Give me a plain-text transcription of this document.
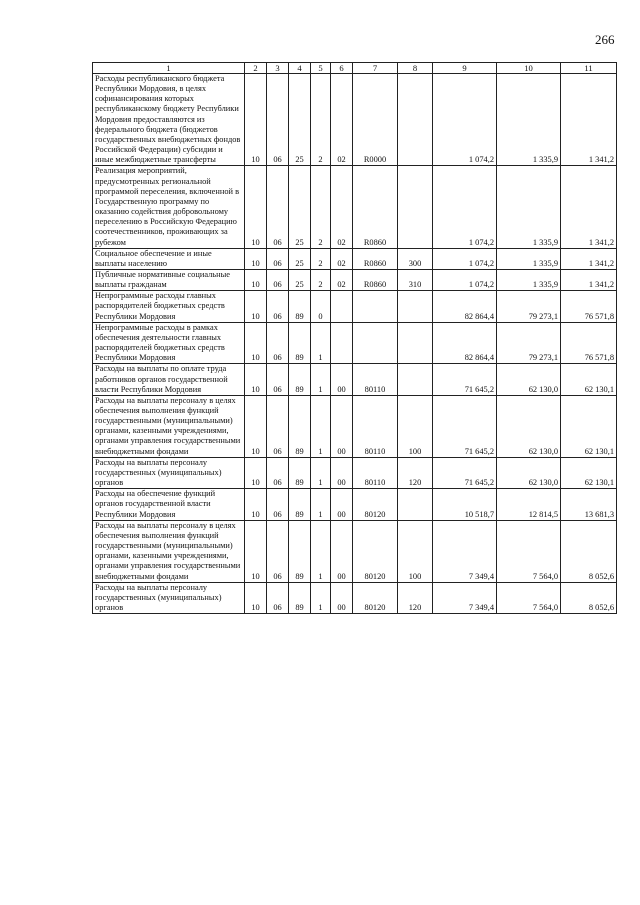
266
1	2	3	4	5	6	7	8	9	10	11
Расходы республиканского бюджета Республики Мордовия, в целях софинансирования которых республиканскому бюджету Республики Мордовия предоставляются из федерального бюджета (бюджетов государственных внебюджетных фондов Российской Федерации) субсидии и иные межбюджетные трансферты	10	06	25	2	02	R0000		1 074,2	1 335,9	1 341,2
Реализация мероприятий, предусмотренных региональной программой переселения, включенной в Государственную программу по оказанию содействия добровольному переселению в Российскую Федерацию соотечественников, проживающих за рубежом	10	06	25	2	02	R0860		1 074,2	1 335,9	1 341,2
Социальное обеспечение и иные выплаты населению	10	06	25	2	02	R0860	300	1 074,2	1 335,9	1 341,2
Публичные нормативные социальные выплаты гражданам	10	06	25	2	02	R0860	310	1 074,2	1 335,9	1 341,2
Непрограммные расходы главных распорядителей бюджетных средств Республики Мордовия	10	06	89	0				82 864,4	79 273,1	76 571,8
Непрограммные расходы в рамках обеспечения деятельности главных распорядителей бюджетных средств Республики Мордовия	10	06	89	1				82 864,4	79 273,1	76 571,8
Расходы на выплаты по оплате труда работников органов государственной власти Республики Мордовия	10	06	89	1	00	80110		71 645,2	62 130,0	62 130,1
Расходы на выплаты персоналу в целях обеспечения выполнения функций государственными (муниципальными) органами, казенными учреждениями, органами управления государственными внебюджетными фондами	10	06	89	1	00	80110	100	71 645,2	62 130,0	62 130,1
Расходы на выплаты персоналу государственных (муниципальных) органов	10	06	89	1	00	80110	120	71 645,2	62 130,0	62 130,1
Расходы на обеспечение функций органов государственной власти Республики Мордовия	10	06	89	1	00	80120		10 518,7	12 814,5	13 681,3
Расходы на выплаты персоналу в целях обеспечения выполнения функций государственными (муниципальными) органами, казенными учреждениями, органами управления государственными внебюджетными фондами	10	06	89	1	00	80120	100	7 349,4	7 564,0	8 052,6
Расходы на выплаты персоналу государственных (муниципальных) органов	10	06	89	1	00	80120	120	7 349,4	7 564,0	8 052,6
